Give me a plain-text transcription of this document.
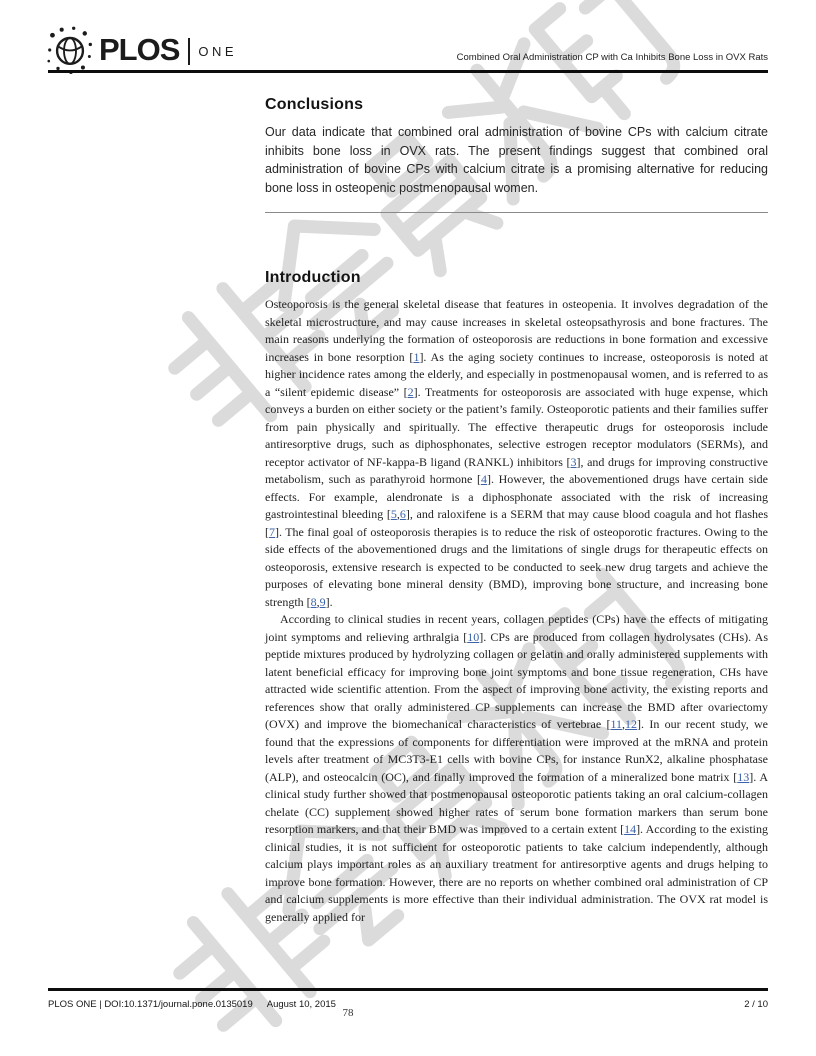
PLOS ONE	Combined Oral Administration CP with Ca Inhibits Bone Loss in OVX Rats
Conclusions

Our data indicate that combined oral administration of bovine CPs with calcium citrate inhibits bone loss in OVX rats. The present findings suggest that combined oral administration of bovine CPs with calcium citrate is a promising alternative for reducing bone loss in osteopenic postmenopausal women.

Introduction

Osteoporosis is the general skeletal disease that features in osteopenia. It involves degradation of the skeletal microstructure, and may cause increases in skeletal osteopsathyrosis and bone fractures. The main reasons underlying the formation of osteoporosis are reductions in bone formation and excessive increases in bone resorption [1]. As the aging society continues to increase, osteoporosis is noted at higher incidence rates among the elderly, and especially in postmenopausal women, and is referred to as a “silent epidemic disease” [2]. Treatments for osteoporosis are associated with huge expense, which conveys a burden on either society or the patient’s family. Osteoporotic patients and their families suffer from pain physically and spiritually. The effective therapeutic drugs for osteoporosis include antiresorptive drugs, such as diphosphonates, selective estrogen receptor modulators (SERMs), and receptor activator of NF-kappa-B ligand (RANKL) inhibitors [3], and drugs for improving constructive metabolism, such as parathyroid hormone [4]. However, the abovementioned drugs have certain side effects. For example, alendronate is a diphosphonate associated with the risk of increasing gastrointestinal bleeding [5,6], and raloxifene is a SERM that may cause blood coagula and hot flashes [7]. The final goal of osteoporosis therapies is to reduce the risk of osteoporotic fractures. Owing to the side effects of the abovementioned drugs and the limitations of single drugs for therapeutic effects on osteoporosis, extensive research is expected to be conducted to seek new drug targets and achieve the purposes of elevating bone mineral density (BMD), improving bone structure, and increasing bone strength [8,9].

According to clinical studies in recent years, collagen peptides (CPs) have the effects of mitigating joint symptoms and relieving arthralgia [10]. CPs are produced from collagen hydrolysates (CHs). As peptide mixtures produced by hydrolyzing collagen or gelatin and orally administered supplements with latent beneficial efficacy for improving bone joint symptoms and bone tissue regeneration, CHs have attracted wide scientific attention. From the aspect of improving bone activity, the existing reports and references show that orally administered CP supplements can increase the BMD after ovariectomy (OVX) and improve the biomechanical characteristics of vertebrae [11,12]. In our recent study, we found that the expressions of components for differentiation were improved at the mRNA and protein levels after treatment of MC3T3-E1 cells with bovine CPs, for instance RunX2, alkaline phosphatase (ALP), and osteocalcin (OC), and finally improved the formation of a mineralized bone matrix [13]. A clinical study further showed that postmenopausal osteoporotic patients taking an oral calcium-collagen chelate (CC) supplement showed higher rates of serum bone formation markers than serum bone resorption markers, and that their BMD was improved to a certain extent [14]. According to the existing clinical studies, it is not sufficient for osteoporotic patients to take calcium independently, although calcium plays important roles as an auxiliary treatment for antiresorptive agents and drugs helping to improve bone formation. However, there are no reports on whether combined oral administration of CP and calcium supplements is more effective than their individual administration. The OVX rat model is generally applied for

PLOS ONE | DOI:10.1371/journal.pone.0135019 August 10, 2015	2 / 10
78
